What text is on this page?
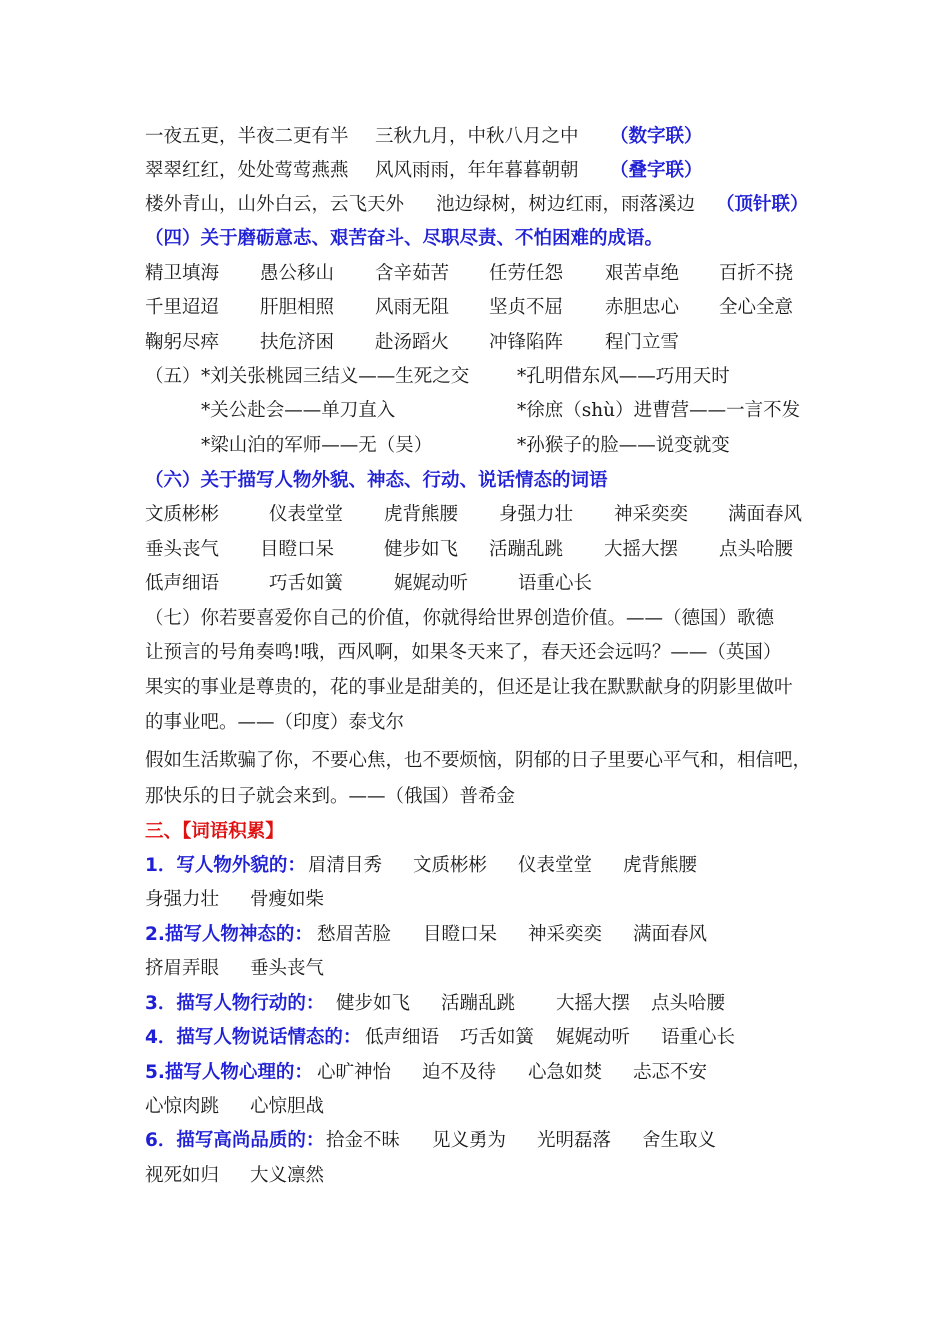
一夜五更，半夜二更有半 三秋九月，中秋八月之中 （数字联）
翠翠红红，处处莺莺燕燕 风风雨雨，年年暮暮朝朝 （叠字联）
楼外青山，山外白云，云飞天外 池边绿树，树边红雨，雨落溪边 （顶针联）
（四）关于磨砺意志、艰苦奋斗、尽职尽责、不怕困难的成语。
精卫填海 愚公移山 含辛茹苦 任劳任怨 艰苦卓绝 百折不挠
千里迢迢 肝胆相照 风雨无阻 坚贞不屈 赤胆忠心 全心全意
鞠躬尽瘁 扶危济困 赴汤蹈火 冲锋陷阵 程门立雪
（五） *刘关张桃园三结义——生死之交	*孔明借东风——巧用天时
*关公赴会——单刀直入	*徐庶（shù）进曹营——一言不发
*梁山泊的军师——无（吴）	*孙猴子的脸——说变就变
（六）关于描写人物外貌、神态、行动、说话情态的词语
文质彬彬	仪表堂堂 虎背熊腰 身强力壮 神采奕奕 满面春风
垂头丧气 目瞪口呆	健步如飞 活蹦乱跳 大摇大摆 点头哈腰
低声细语	巧舌如簧	娓娓动听	语重心长
（七）你若要喜爱你自己的价值，你就得给世界创造价值。——（德国）歌德
让预言的号角奏鸣!哦，西风啊，如果冬天来了，春天还会远吗？——（英国）
果实的事业是尊贵的，花的事业是甜美的，但还是让我在默默献身的阴影里做叶
的事业吧。——（印度）泰戈尔
假如生活欺骗了你，不要心焦，也不要烦恼，阴郁的日子里要心平气和，相信吧，
那快乐的日子就会来到。——（俄国）普希金
三、【词语积累】
1．写人物外貌的： 眉清目秀 文质彬彬 仪表堂堂 虎背熊腰
身强力壮 骨瘦如柴
2.描写人物神态的： 愁眉苦脸 目瞪口呆 神采奕奕 满面春风
挤眉弄眼 垂头丧气
3．描写人物行动的： 健步如飞 活蹦乱跳 大摇大摆 点头哈腰
4．描写人物说话情态的： 低声细语 巧舌如簧 娓娓动听 语重心长
5.描写人物心理的： 心旷神怡 迫不及待 心急如焚 忐忑不安
心惊肉跳 心惊胆战
6．描写高尚品质的： 拾金不昧 见义勇为 光明磊落 舍生取义
视死如归 大义凛然
